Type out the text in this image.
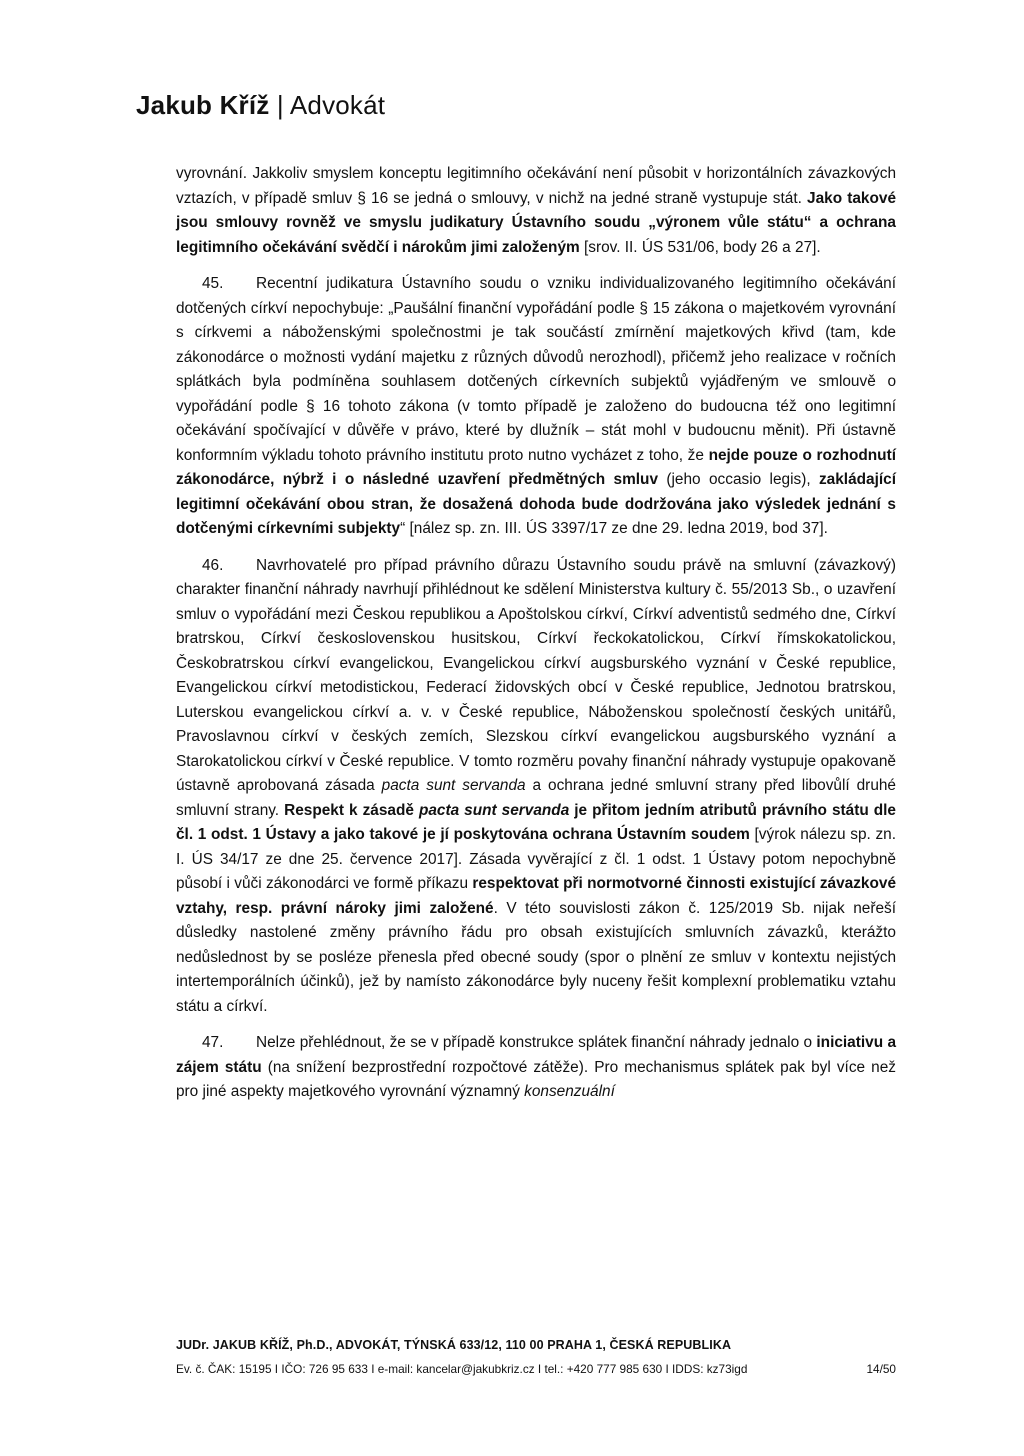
Jakub Kříž | Advokát

vyrovnání. Jakkoliv smyslem konceptu legitimního očekávání není působit v horizontálních závazkových vztazích, v případě smluv § 16 se jedná o smlouvy, v nichž na jedné straně vystupuje stát. Jako takové jsou smlouvy rovněž ve smyslu judikatury Ústavního soudu „výronem vůle státu“ a ochrana legitimního očekávání svědčí i nárokům jimi založeným [srov. II. ÚS 531/06, body 26 a 27].

45. Recentní judikatura Ústavního soudu o vzniku individualizovaného legitimního očekávání dotčených církví nepochybuje: „Paušální finanční vypořádání podle § 15 zákona o majetkovém vyrovnání s církvemi a náboženskými společnostmi je tak součástí zmírnění majetkových křivd (tam, kde zákonodárce o možnosti vydání majetku z různých důvodů nerozhodl), přičemž jeho realizace v ročních splátkách byla podmíněna souhlasem dotčených církevních subjektů vyjádřeným ve smlouvě o vypořádání podle § 16 tohoto zákona (v tomto případě je založeno do budoucna též ono legitimní očekávání spočívající v důvěře v právo, které by dlužník – stát mohl v budoucnu měnit). Při ústavně konformním výkladu tohoto právního institutu proto nutno vycházet z toho, že nejde pouze o rozhodnutí zákonodárce, nýbrž i o následné uzavření předmětných smluv (jeho occasio legis), zakládající legitimní očekávání obou stran, že dosažená dohoda bude dodržována jako výsledek jednání s dotčenými církevními subjekty“ [nález sp. zn. III. ÚS 3397/17 ze dne 29. ledna 2019, bod 37].

46. Navrhovatelé pro případ právního důrazu Ústavního soudu právě na smluvní (závazkový) charakter finanční náhrady navrhují přihlédnout ke sdělení Ministerstva kultury č. 55/2013 Sb., o uzavření smluv o vypořádání mezi Českou republikou a Apoštolskou církví, Církví adventistů sedmého dne, Církví bratrskou, Církví československou husitskou, Církví řeckokatolickou, Církví římskokatolickou, Českobratrskou církví evangelickou, Evangelickou církví augsburského vyznání v České republice, Evangelickou církví metodistickou, Federací židovských obcí v České republice, Jednotou bratrskou, Luterskou evangelickou církví a. v. v České republice, Náboženskou společností českých unitářů, Pravoslavnou církví v českých zemích, Slezskou církví evangelickou augsburského vyznání a Starokatolickou církví v České republice. V tomto rozměru povahy finanční náhrady vystupuje opakovaně ústavně aprobovaná zásada pacta sunt servanda a ochrana jedné smluvní strany před libovůlí druhé smluvní strany. Respekt k zásadě pacta sunt servanda je přitom jedním atributů právního státu dle čl. 1 odst. 1 Ústavy a jako takové je jí poskytována ochrana Ústavním soudem [výrok nálezu sp. zn. I. ÚS 34/17 ze dne 25. července 2017]. Zásada vyvěrající z čl. 1 odst. 1 Ústavy potom nepochybně působí i vůči zákonodárci ve formě příkazu respektovat při normotvorné činnosti existující závazkové vztahy, resp. právní nároky jimi založené. V této souvislosti zákon č. 125/2019 Sb. nijak neřeší důsledky nastolené změny právního řádu pro obsah existujících smluvních závazků, kterážto nedůslednost by se posléze přenesla před obecné soudy (spor o plnění ze smluv v kontextu nejistých intertemporálních účinků), jež by namísto zákonodárce byly nuceny řešit komplexní problematiku vztahu státu a církví.

47. Nelze přehlédnout, že se v případě konstrukce splátek finanční náhrady jednalo o iniciativu a zájem státu (na snížení bezprostřední rozpočtové zátěže). Pro mechanismus splátek pak byl více než pro jiné aspekty majetkového vyrovnání významný konsenzuální

JUDr. JAKUB KŘÍŽ, Ph.D., ADVOKÁT, TÝNSKÁ 633/12, 110 00 PRAHA 1, ČESKÁ REPUBLIKA
Ev. č. ČAK: 15195 I IČO: 726 95 633 I e-mail: kancelar@jakubkriz.cz I tel.: +420 777 985 630 I IDDS: kz73igd	14/50
